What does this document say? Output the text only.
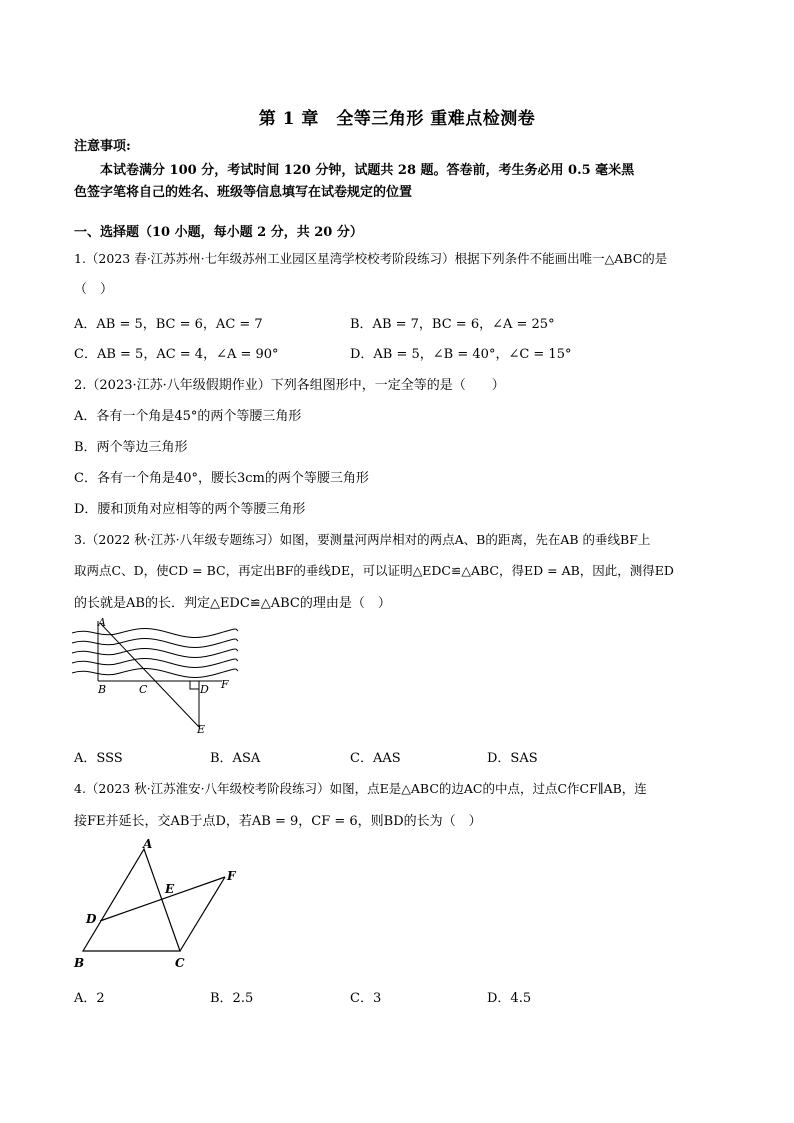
第 1 章　全等三角形 重难点检测卷
注意事项:
本试卷满分 100 分，考试时间 120 分钟，试题共 28 题。答卷前，考生务必用 0.5 毫米黑
色签字笔将自己的姓名、班级等信息填写在试卷规定的位置
一、选择题（10 小题，每小题 2 分，共 20 分）
1.（2023 春·江苏苏州·七年级苏州工业园区星湾学校校考阶段练习）根据下列条件不能画出唯一△ABC的是
（　）
A．AB = 5，BC = 6，AC = 7	B．AB = 7，BC = 6，∠A = 25°
C．AB = 5，AC = 4，∠A = 90°	D．AB = 5，∠B = 40°，∠C = 15°
2.（2023·江苏·八年级假期作业）下列各组图形中，一定全等的是（　　）
A．各有一个角是45°的两个等腰三角形
B．两个等边三角形
C．各有一个角是40°，腰长3cm的两个等腰三角形
D．腰和顶角对应相等的两个等腰三角形
3.（2022 秋·江苏·八年级专题练习）如图，要测量河两岸相对的两点A、B的距离，先在AB 的垂线BF上
取两点C、D，使CD = BC，再定出BF的垂线DE，可以证明△EDC≌△ABC，得ED = AB，因此，测得ED
的长就是AB的长．判定△EDC≌△ABC的理由是（　）
A
B	C	D
E
F
A．SSS	B．ASA	C．AAS	D．SAS
4.（2023 秋·江苏淮安·八年级校考阶段练习）如图，点E是△ABC的边AC的中点，过点C作CF∥AB，连
接FE并延长，交AB于点D，若AB = 9，CF = 6，则BD的长为（　）
A
B	C
D
E
F
A．2	B．2.5	C．3	D．4.5
